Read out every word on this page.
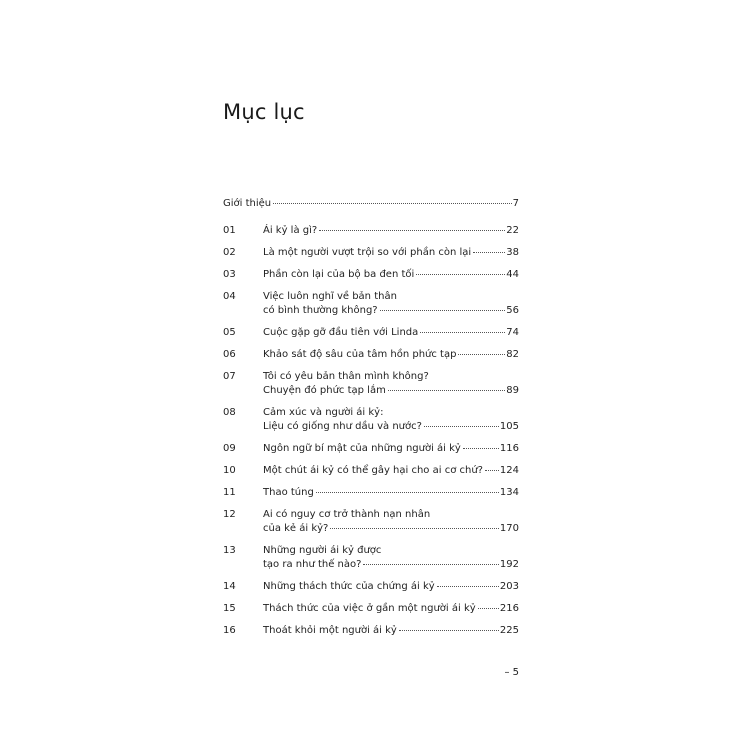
Mục lục
Giới thiệu	7
01	Ái kỷ là gì?	22
02	Là một người vượt trội so với phần còn lại	38
03	Phần còn lại của bộ ba đen tối	44
04	Việc luôn nghĩ về bản thân
có bình thường không?	56
05	Cuộc gặp gỡ đầu tiên với Linda	74
06	Khảo sát độ sâu của tâm hồn phức tạp	82
07	Tôi có yêu bản thân mình không?
Chuyện đó phức tạp lắm	89
08	Cảm xúc và người ái kỷ:
Liệu có giống như dầu và nước?	105
09	Ngôn ngữ bí mật của những người ái kỷ	116
10	Một chút ái kỷ có thể gây hại cho ai cơ chứ? 124
11	Thao túng	134
12	Ai có nguy cơ trở thành nạn nhân
của kẻ ái kỷ?	170
13	Những người ái kỷ được
tạo ra như thế nào?	192
14	Những thách thức của chứng ái kỷ	203
15	Thách thức của việc ở gần một người ái kỷ 216
16	Thoát khỏi một người ái kỷ	225
– 5
